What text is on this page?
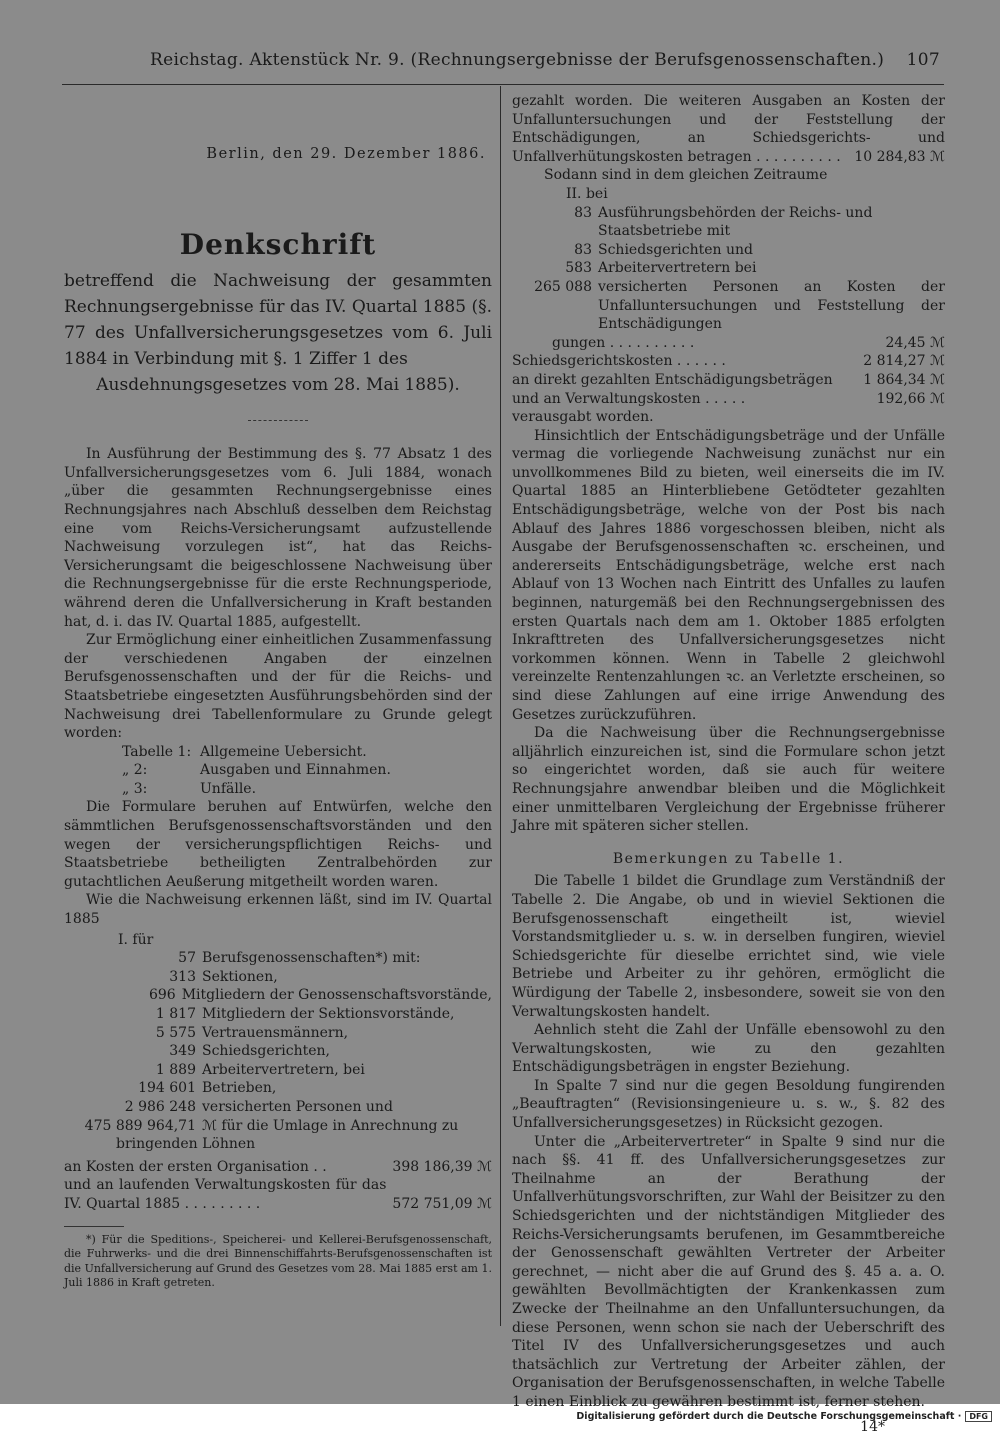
Reichstag. Aktenstück Nr. 9. (Rechnungsergebnisse der Berufsgenossenschaften.) 107

Berlin, den 29. Dezember 1886.

Denkschrift

betreffend die Nachweisung der gesammten Rechnungsergebnisse für das IV. Quartal 1885 (§. 77 des Unfallversicherungsgesetzes vom 6. Juli 1884 in Verbindung mit §. 1 Ziffer 1 des
Ausdehnungsgesetzes vom 28. Mai 1885).

In Ausführung der Bestimmung des §. 77 Absatz 1 des Unfallversicherungsgesetzes vom 6. Juli 1884, wonach „über die gesammten Rechnungsergebnisse eines Rechnungsjahres nach Abschluß desselben dem Reichstag eine vom Reichs-Versicherungsamt aufzustellende Nachweisung vorzulegen ist“, hat das Reichs-Versicherungsamt die beigeschlossene Nachweisung über die Rechnungsergebnisse für die erste Rechnungsperiode, während deren die Unfallversicherung in Kraft bestanden hat, d. i. das IV. Quartal 1885, aufgestellt.

Zur Ermöglichung einer einheitlichen Zusammenfassung der verschiedenen Angaben der einzelnen Berufsgenossenschaften und der für die Reichs- und Staatsbetriebe eingesetzten Ausführungsbehörden sind der Nachweisung drei Tabellenformulare zu Grunde gelegt worden:

Tabelle 1: Allgemeine Uebersicht.
„ 2:	Ausgaben und Einnahmen.
„ 3:	Unfälle.

Die Formulare beruhen auf Entwürfen, welche den sämmtlichen Berufsgenossenschaftsvorständen und den wegen der versicherungspflichtigen Reichs- und Staatsbetriebe betheiligten Zentralbehörden zur gutachtlichen Aeußerung mitgetheilt worden waren.

Wie die Nachweisung erkennen läßt, sind im IV. Quartal 1885

I. für

57 Berufsgenossenschaften*) mit:
313 Sektionen,
696 Mitgliedern der Genossenschaftsvorstände,
1 817 Mitgliedern der Sektionsvorstände,
5 575 Vertrauensmännern,
349 Schiedsgerichten,
1 889 Arbeitervertretern, bei
194 601 Betrieben,
2 986 248 versicherten Personen und
475 889 964,71 ℳ für die Umlage in Anrechnung zu
bringenden Löhnen
an Kosten der ersten Organisation . .	398 186,39 ℳ
und an laufenden Verwaltungskosten für das IV. Quartal 1885 . . . . . . . . .	572 751,09 ℳ

*) Für die Speditions-, Speicherei- und Kellerei-Berufsgenossenschaft, die Fuhrwerks- und die drei Binnenschiffahrts-Berufsgenossenschaften ist die Unfallversicherung auf Grund des Gesetzes vom 28. Mai 1885 erst am 1. Juli 1886 in Kraft getreten.

gezahlt worden. Die weiteren Ausgaben an Kosten der Unfalluntersuchungen und der Feststellung der Entschädigungen, an Schiedsgerichts- und Unfallverhütungskosten betragen . . . . . . . . . . 10 284,83 ℳ

Sodann sind in dem gleichen Zeitraume

II. bei

83 Ausführungsbehörden der Reichs- und Staatsbetriebe mit
83 Schiedsgerichten und
583 Arbeitervertretern bei
265 088 versicherten Personen an Kosten der Unfalluntersuchungen und Feststellung der Entschädigungen
gungen . . . . . . . . . .	24,45 ℳ
Schiedsgerichtskosten . . . . . .	2 814,27 ℳ
an direkt gezahlten Entschädigungsbeträgen 1 864,34 ℳ
und an Verwaltungskosten . . . . .	192,66 ℳ

verausgabt worden.

Hinsichtlich der Entschädigungsbeträge und der Unfälle vermag die vorliegende Nachweisung zunächst nur ein unvollkommenes Bild zu bieten, weil einerseits die im IV. Quartal 1885 an Hinterbliebene Getödteter gezahlten Entschädigungsbeträge, welche von der Post bis nach Ablauf des Jahres 1886 vorgeschossen bleiben, nicht als Ausgabe der Berufsgenossenschaften ꝛc. erscheinen, und andererseits Entschädigungsbeträge, welche erst nach Ablauf von 13 Wochen nach Eintritt des Unfalles zu laufen beginnen, naturgemäß bei den Rechnungsergebnissen des ersten Quartals nach dem am 1. Oktober 1885 erfolgten Inkrafttreten des Unfallversicherungsgesetzes nicht vorkommen können. Wenn in Tabelle 2 gleichwohl vereinzelte Rentenzahlungen ꝛc. an Verletzte erscheinen, so sind diese Zahlungen auf eine irrige Anwendung des Gesetzes zurückzuführen.

Da die Nachweisung über die Rechnungsergebnisse alljährlich einzureichen ist, sind die Formulare schon jetzt so eingerichtet worden, daß sie auch für weitere Rechnungsjahre anwendbar bleiben und die Möglichkeit einer unmittelbaren Vergleichung der Ergebnisse früherer Jahre mit späteren sicher stellen.

Bemerkungen zu Tabelle 1.

Die Tabelle 1 bildet die Grundlage zum Verständniß der Tabelle 2. Die Angabe, ob und in wieviel Sektionen die Berufsgenossenschaft eingetheilt ist, wieviel Vorstandsmitglieder u. s. w. in derselben fungiren, wieviel Schiedsgerichte für dieselbe errichtet sind, wie viele Betriebe und Arbeiter zu ihr gehören, ermöglicht die Würdigung der Tabelle 2, insbesondere, soweit sie von den Verwaltungskosten handelt.

Aehnlich steht die Zahl der Unfälle ebensowohl zu den Verwaltungskosten, wie zu den gezahlten Entschädigungsbeträgen in engster Beziehung.

In Spalte 7 sind nur die gegen Besoldung fungirenden „Beauftragten“ (Revisionsingenieure u. s. w., §. 82 des Unfallversicherungsgesetzes) in Rücksicht gezogen.

Unter die „Arbeitervertreter“ in Spalte 9 sind nur die nach §§. 41 ff. des Unfallversicherungsgesetzes zur Theilnahme an der Berathung der Unfallverhütungsvorschriften, zur Wahl der Beisitzer zu den Schiedsgerichten und der nichtständigen Mitglieder des Reichs-Versicherungsamts berufenen, im Gesammtbereiche der Genossenschaft gewählten Vertreter der Arbeiter gerechnet, — nicht aber die auf Grund des §. 45 a. a. O. gewählten Bevollmächtigten der Krankenkassen zum Zwecke der Theilnahme an den Unfalluntersuchungen, da diese Personen, wenn schon sie nach der Ueberschrift des Titel IV des Unfallversicherungsgesetzes und auch thatsächlich zur Vertretung der Arbeiter zählen, der Organisation der Berufsgenossenschaften, in welche Tabelle 1 einen Einblick zu gewähren bestimmt ist, ferner stehen.

14*

Digitalisierung gefördert durch die Deutsche Forschungsgemeinschaft · DFG
